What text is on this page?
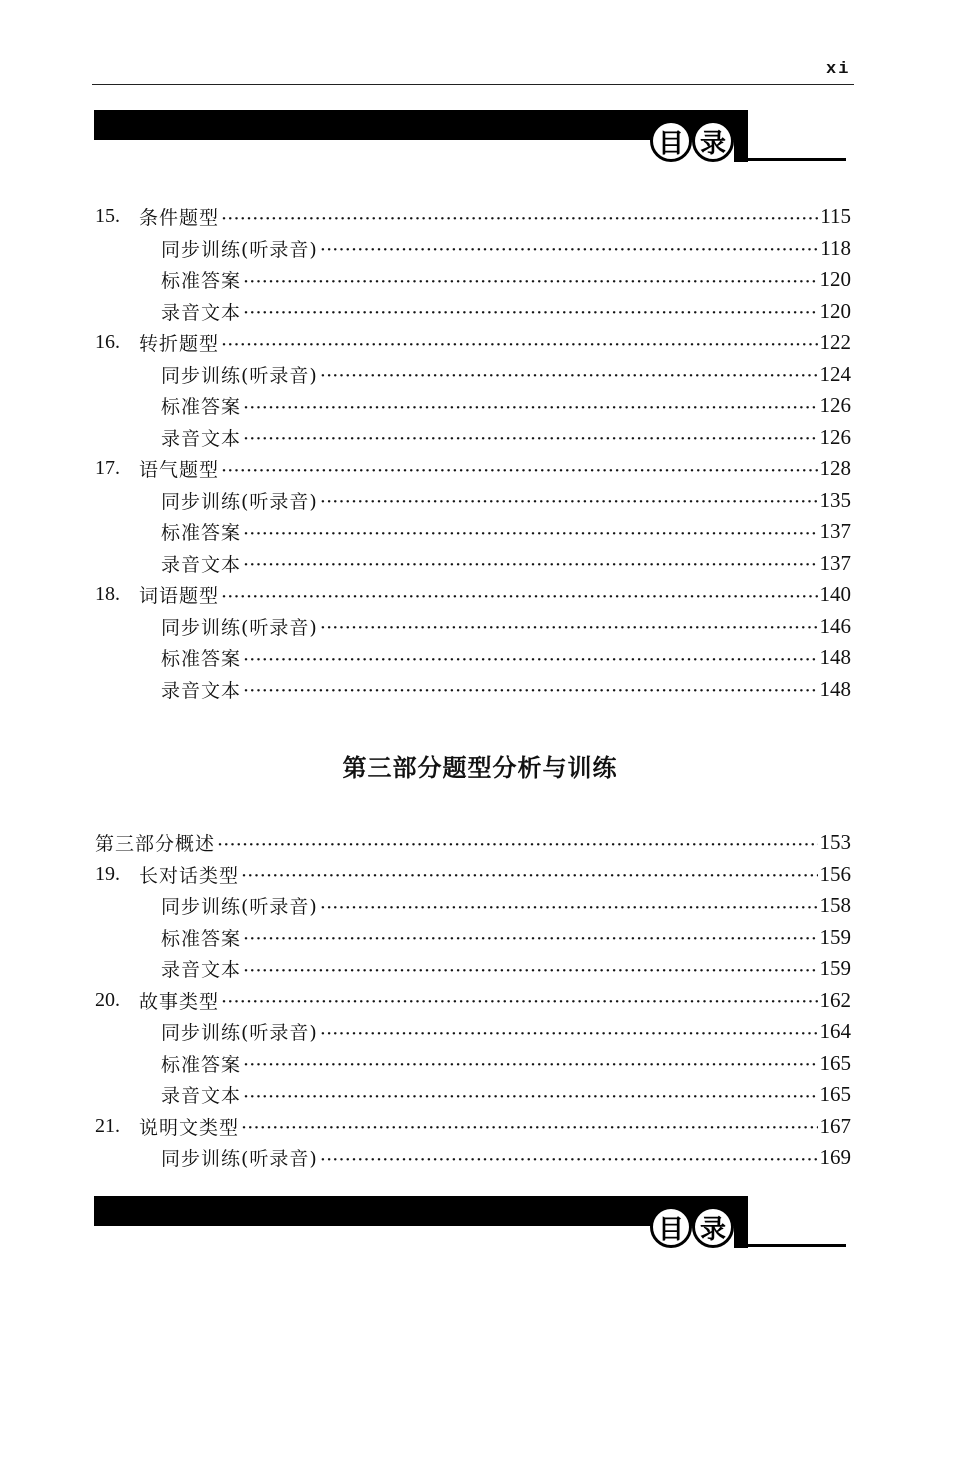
xi
目 录
15.	条件题型 ·····	115
同步训练(听录音) ·····	118
标准答案 ·····	120
录音文本 ·····	120
16.	转折题型 ·····	122
同步训练(听录音) ·····	124
标准答案 ·····	126
录音文本 ·····	126
17.	语气题型 ·····	128
同步训练(听录音) ·····	135
标准答案 ·····	137
录音文本 ·····	137
18.	词语题型 ·····	140
同步训练(听录音) ·····	146
标准答案 ·····	148
录音文本 ·····	148
第三部分题型分析与训练
第三部分概述 ·····	153
19.	长对话类型 ·····	156
同步训练(听录音) ·····	158
标准答案 ·····	159
录音文本 ·····	159
20.	故事类型 ·····	162
同步训练(听录音) ·····	164
标准答案 ·····	165
录音文本 ·····	165
21.	说明文类型 ·····	167
同步训练(听录音) ·····	169
目 录
